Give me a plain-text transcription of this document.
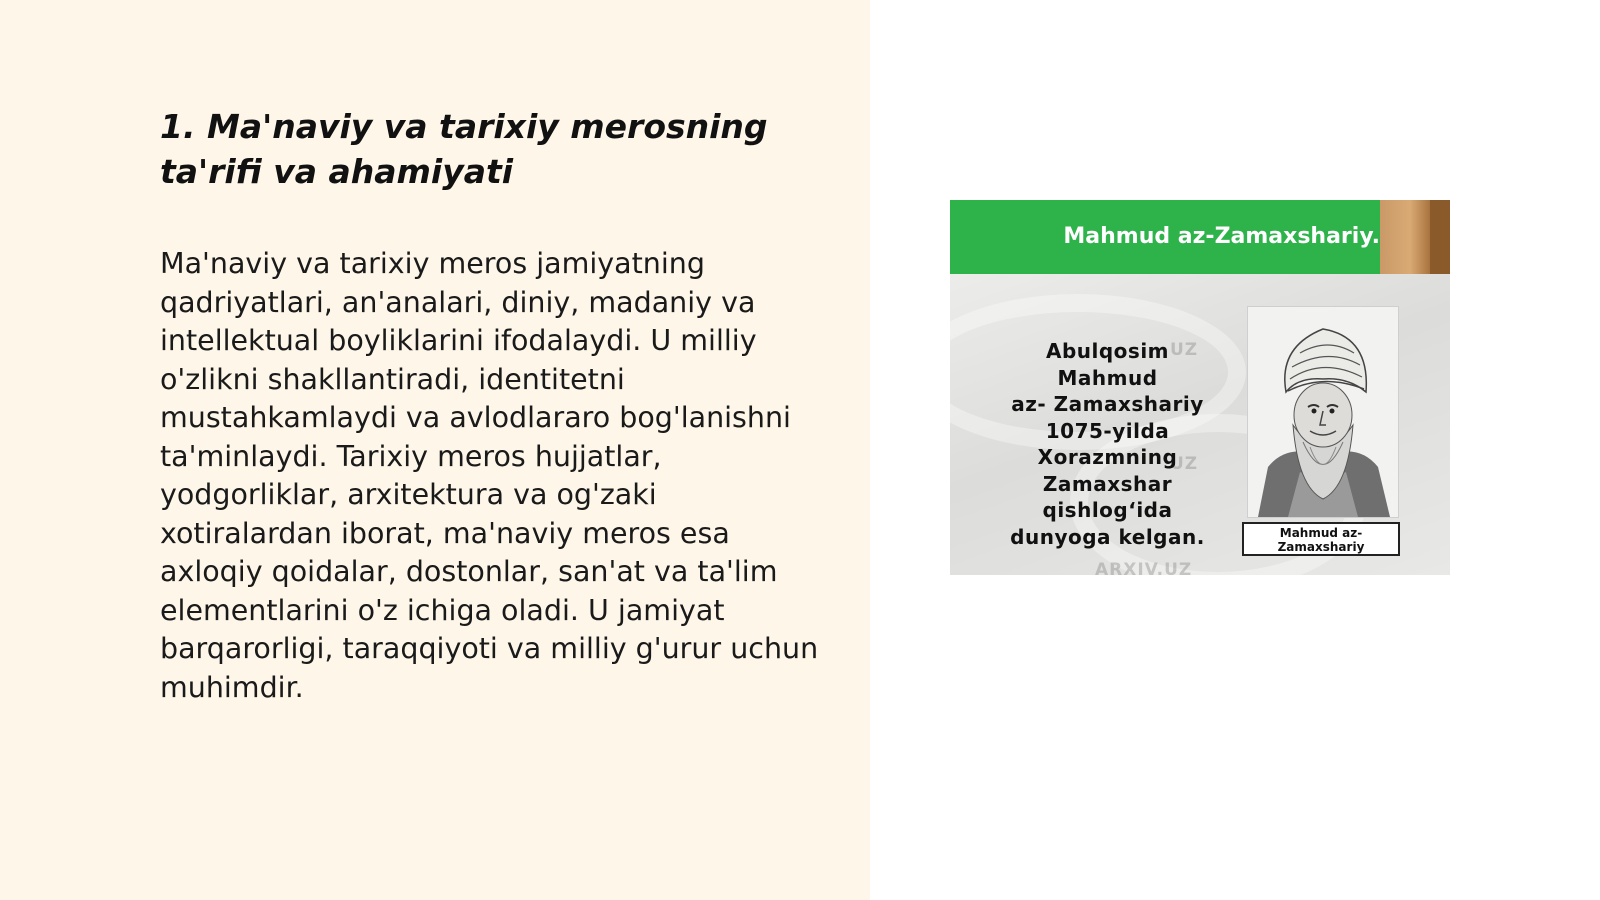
1. Ma'naviy va tarixiy merosning
ta'rifi va ahamiyati

Ma'naviy va tarixiy meros jamiyatning qadriyatlari, an'analari, diniy, madaniy va intellektual boyliklarini ifodalaydi. U milliy o'zlikni shakllantiradi, identitetni mustahkamlaydi va avlodlararo bog'lanishni ta'minlaydi. Tarixiy meros hujjatlar, yodgorliklar, arxitektura va og'zaki xotiralardan iborat, ma'naviy meros esa axloqiy qoidalar, dostonlar, san'at va ta'lim elementlarini o'z ichiga oladi. U jamiyat barqarorligi, taraqqiyoti va milliy g'urur uchun muhimdir.

Mahmud az-Zamaxshariy.
UZ
UZ
ARXIV.UZ

Abulqosim
Mahmud
az- Zamaxshariy
1075-yilda
Xorazmning
Zamaxshar
qishlog‘ida
dunyoga kelgan.	Mahmud az-
Zamaxshariy
